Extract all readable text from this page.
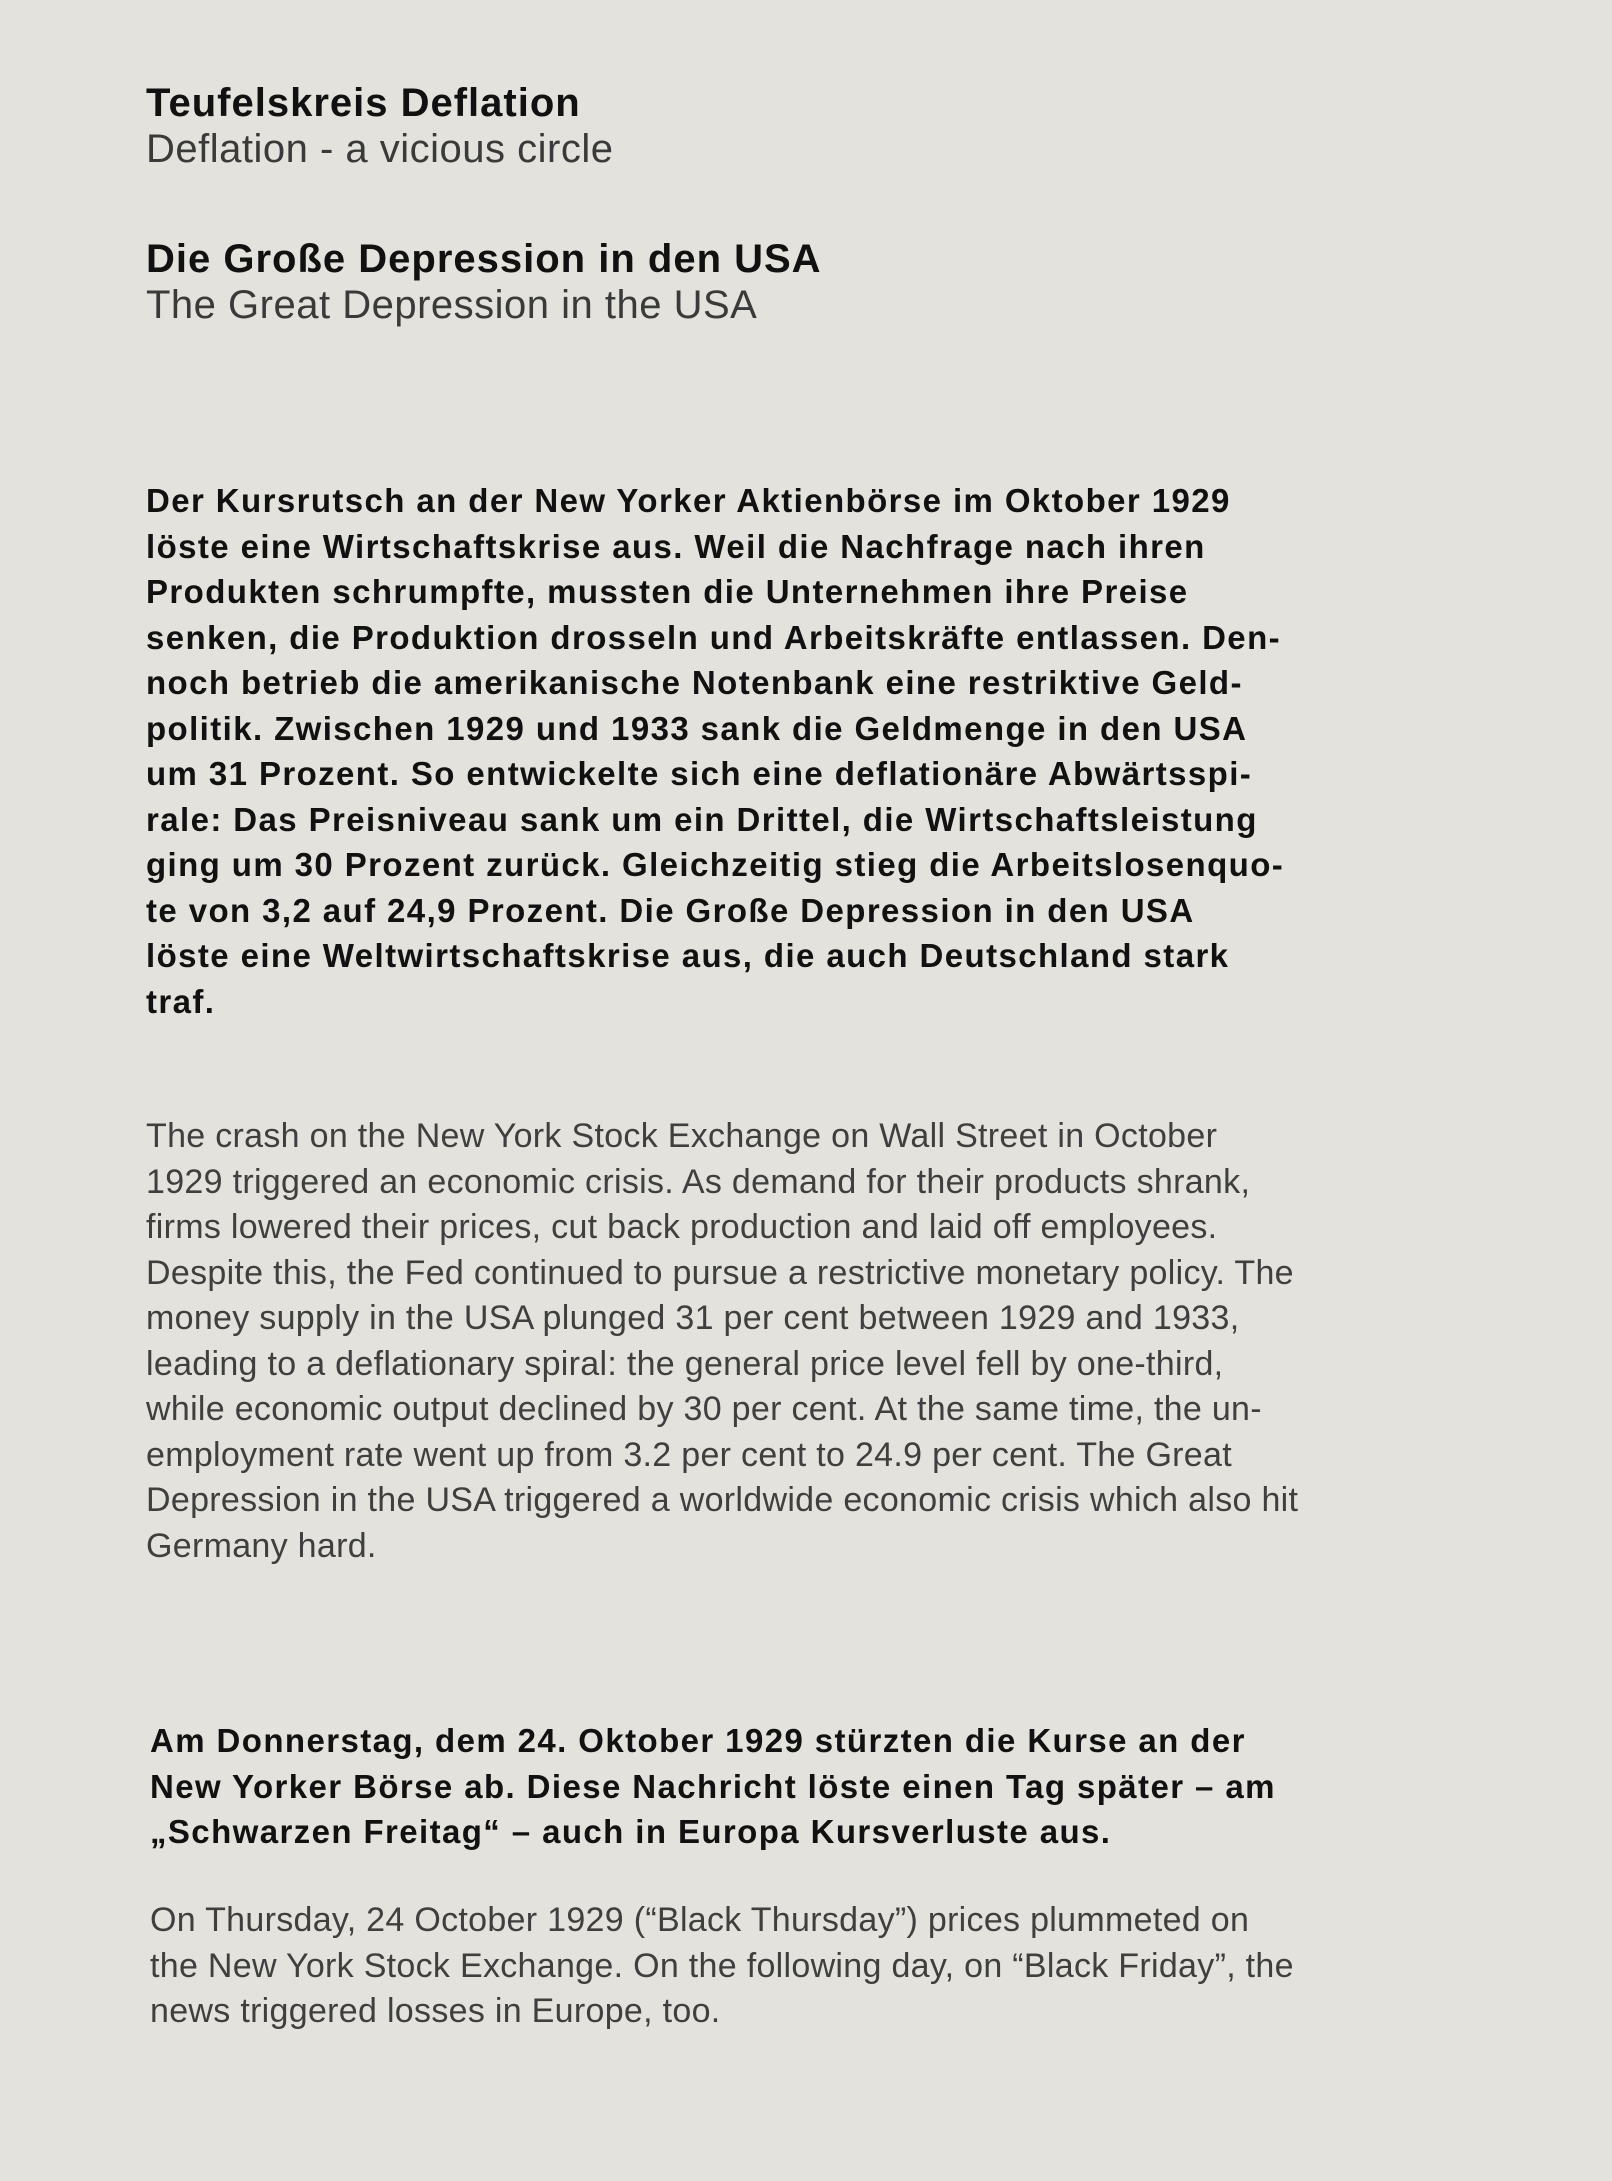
Teufelskreis Deflation
Deflation - a vicious circle
Die Große Depression in den USA
The Great Depression in the USA

Der Kursrutsch an der New Yorker Aktienbörse im Oktober 1929
löste eine Wirtschaftskrise aus. Weil die Nachfrage nach ihren
Produkten schrumpfte, mussten die Unternehmen ihre Preise
senken, die Produktion drosseln und Arbeitskräfte entlassen. Den-
noch betrieb die amerikanische Notenbank eine restriktive Geld-
politik. Zwischen 1929 und 1933 sank die Geldmenge in den USA
um 31 Prozent. So entwickelte sich eine deflationäre Abwärtsspi-
rale: Das Preisniveau sank um ein Drittel, die Wirtschaftsleistung
ging um 30 Prozent zurück. Gleichzeitig stieg die Arbeitslosenquo-
te von 3,2 auf 24,9 Prozent. Die Große Depression in den USA
löste eine Weltwirtschaftskrise aus, die auch Deutschland stark
traf.

The crash on the New York Stock Exchange on Wall Street in October
1929 triggered an economic crisis. As demand for their products shrank,
firms lowered their prices, cut back production and laid off employees.
Despite this, the Fed continued to pursue a restrictive monetary policy. The
money supply in the USA plunged 31 per cent between 1929 and 1933,
leading to a deflationary spiral: the general price level fell by one-third,
while economic output declined by 30 per cent. At the same time, the un-
employment rate went up from 3.2 per cent to 24.9 per cent. The Great
Depression in the USA triggered a worldwide economic crisis which also hit
Germany hard.

Am Donnerstag, dem 24. Oktober 1929 stürzten die Kurse an der
New Yorker Börse ab. Diese Nachricht löste einen Tag später – am
„Schwarzen Freitag“ – auch in Europa Kursverluste aus.

On Thursday, 24 October 1929 (“Black Thursday”) prices plummeted on
the New York Stock Exchange. On the following day, on “Black Friday”, the
news triggered losses in Europe, too.
